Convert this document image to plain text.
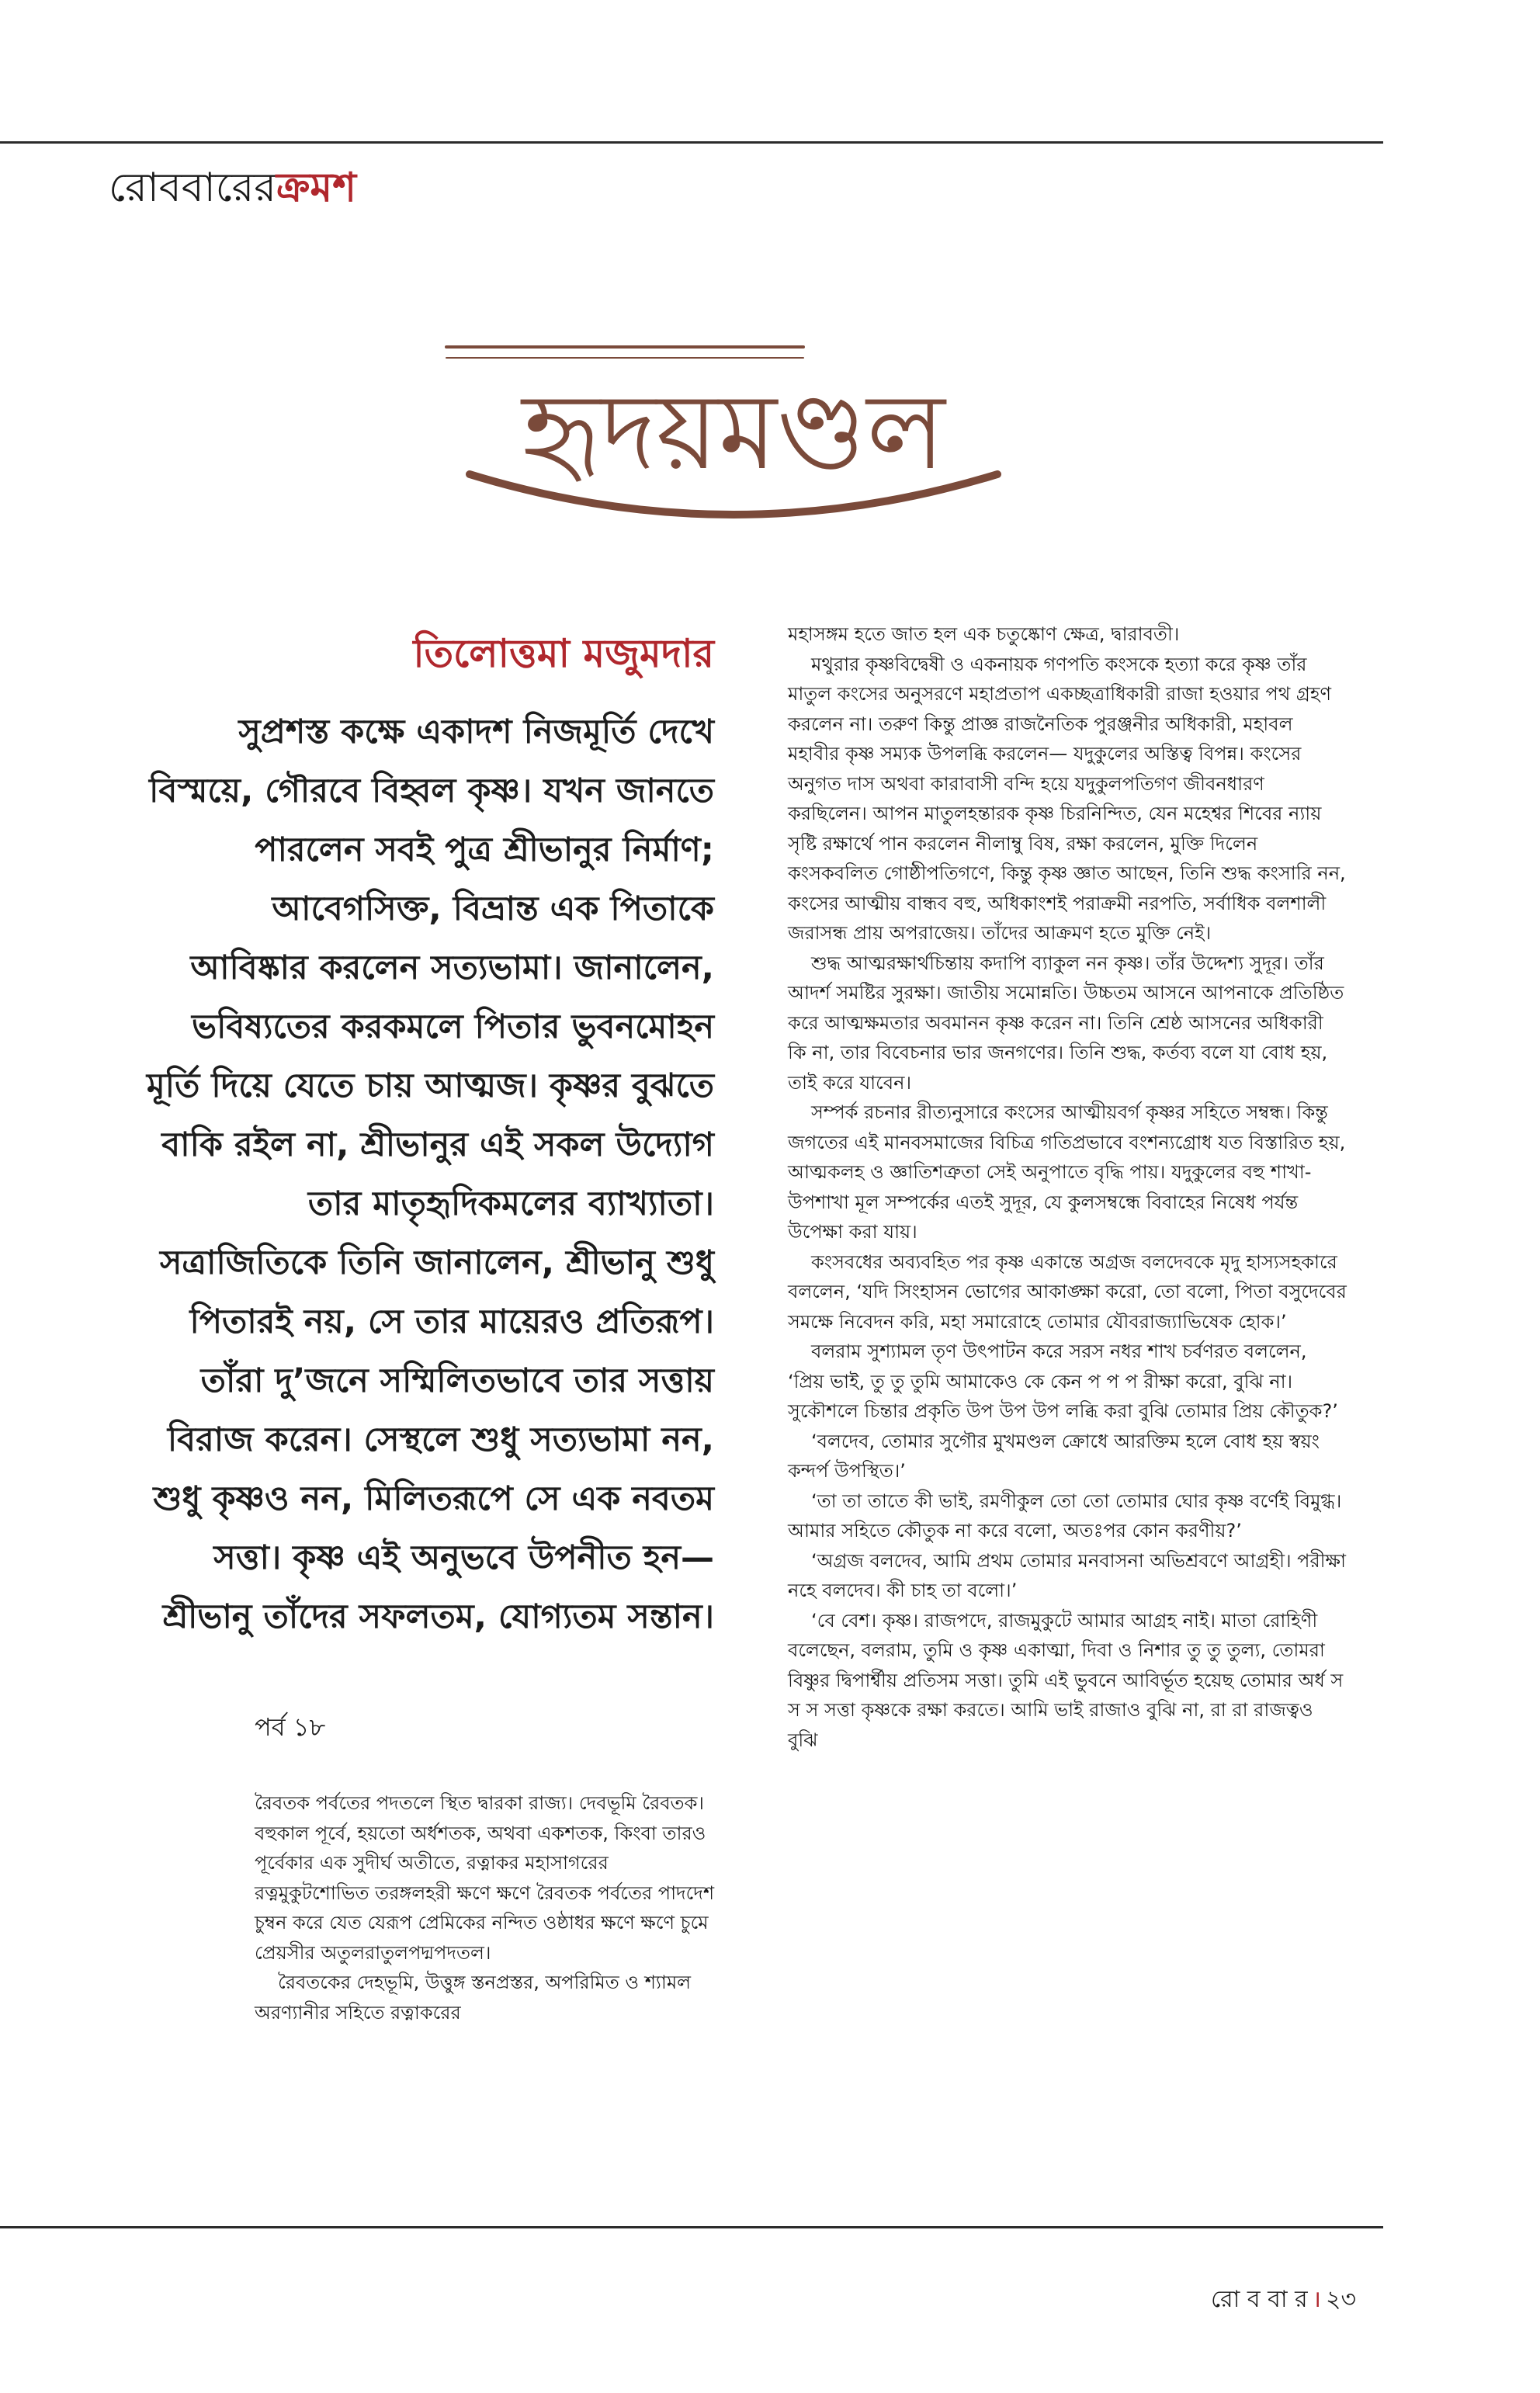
রোববারেরক্রমশ
হৃদয়মণ্ডল
তিলোত্তমা মজুমদার
সুপ্রশস্ত কক্ষে একাদশ নিজমূর্তি দেখে বিস্ময়ে, গৌরবে বিহ্বল কৃষ্ণ। যখন জানতে পারলেন সবই পুত্র শ্রীভানুর নির্মাণ; আবেগসিক্ত, বিভ্রান্ত এক পিতাকে আবিষ্কার করলেন সত্যভামা। জানালেন, ভবিষ্যতের করকমলে পিতার ভুবনমোহন মূর্তি দিয়ে যেতে চায় আত্মজ। কৃষ্ণর বুঝতে বাকি রইল না, শ্রীভানুর এই সকল উদ্যোগ তার মাতৃহৃদিকমলের ব্যাখ্যাতা। সত্রাজিতিকে তিনি জানালেন, শ্রীভানু শুধু পিতারই নয়, সে তার মায়েরও প্রতিরূপ। তাঁরা দু’জনে সম্মিলিতভাবে তার সত্তায় বিরাজ করেন। সেস্থলে শুধু সত্যভামা নন, শুধু কৃষ্ণও নন, মিলিতরূপে সে এক নবতম সত্তা। কৃষ্ণ এই অনুভবে উপনীত হন— শ্রীভানু তাঁদের সফলতম, যোগ্যতম সন্তান।
পর্ব ১৮

রৈবতক পর্বতের পদতলে স্থিত দ্বারকা রাজ্য। দেবভূমি রৈবতক। বহুকাল পূর্বে, হয়তো অর্ধশতক, অথবা একশতক, কিংবা তারও পূর্বেকার এক সুদীর্ঘ অতীতে, রত্নাকর মহাসাগরের রত্নমুকুটশোভিত তরঙ্গলহরী ক্ষণে ক্ষণে রৈবতক পর্বতের পাদদেশ চুম্বন করে যেত যেরূপ প্রেমিকের নন্দিত ওষ্ঠাধর ক্ষণে ক্ষণে চুমে প্রেয়সীর অতুলরাতুলপদ্মপদতল।

রৈবতকের দেহভূমি, উত্তুঙ্গ স্তনপ্রস্তর, অপরিমিত ও শ্যামল অরণ্যানীর সহিতে রত্নাকরের

মহাসঙ্গম হতে জাত হল এক চতুষ্কোণ ক্ষেত্র, দ্বারাবতী।

মথুরার কৃষ্ণবিদ্বেষী ও একনায়ক গণপতি কংসকে হত্যা করে কৃষ্ণ তাঁর মাতুল কংসের অনুসরণে মহাপ্রতাপ একচ্ছত্রাধিকারী রাজা হওয়ার পথ গ্রহণ করলেন না। তরুণ কিন্তু প্রাজ্ঞ রাজনৈতিক পুরঞ্জনীর অধিকারী, মহাবল মহাবীর কৃষ্ণ সম্যক উপলব্ধি করলেন— যদুকুলের অস্তিত্ব বিপন্ন। কংসের অনুগত দাস অথবা কারাবাসী বন্দি হয়ে যদুকুলপতিগণ জীবনধারণ করছিলেন। আপন মাতুলহন্তারক কৃষ্ণ চিরনিন্দিত, যেন মহেশ্বর শিবের ন্যায় সৃষ্টি রক্ষার্থে পান করলেন নীলাম্বু বিষ, রক্ষা করলেন, মুক্তি দিলেন কংসকবলিত গোষ্ঠীপতিগণে, কিন্তু কৃষ্ণ জ্ঞাত আছেন, তিনি শুদ্ধ কংসারি নন, কংসের আত্মীয় বান্ধব বহু, অধিকাংশই পরাক্রমী নরপতি, সর্বাধিক বলশালী জরাসন্ধ প্রায় অপরাজেয়। তাঁদের আক্রমণ হতে মুক্তি নেই।

শুদ্ধ আত্মরক্ষার্থচিন্তায় কদাপি ব্যাকুল নন কৃষ্ণ। তাঁর উদ্দেশ্য সুদূর। তাঁর আদর্শ সমষ্টির সুরক্ষা। জাতীয় সমোন্নতি। উচ্চতম আসনে আপনাকে প্রতিষ্ঠিত করে আত্মক্ষমতার অবমানন কৃষ্ণ করেন না। তিনি শ্রেষ্ঠ আসনের অধিকারী কি না, তার বিবেচনার ভার জনগণের। তিনি শুদ্ধ, কর্তব্য বলে যা বোধ হয়, তাই করে যাবেন।

সম্পর্ক রচনার রীত্যনুসারে কংসের আত্মীয়বর্গ কৃষ্ণর সহিতে সম্বন্ধ। কিন্তু জগতের এই মানবসমাজের বিচিত্র গতিপ্রভাবে বংশন্যগ্রোধ যত বিস্তারিত হয়, আত্মকলহ ও জ্ঞাতিশত্রুতা সেই অনুপাতে বৃদ্ধি পায়। যদুকুলের বহু শাখা-উপশাখা মূল সম্পর্কের এতই সুদূর, যে কুলসম্বন্ধে বিবাহের নিষেধ পর্যন্ত উপেক্ষা করা যায়।

কংসবধের অব্যবহিত পর কৃষ্ণ একান্তে অগ্রজ বলদেবকে মৃদু হাস্যসহকারে বললেন, ‘যদি সিংহাসন ভোগের আকাঙ্ক্ষা করো, তো বলো, পিতা বসুদেবের সমক্ষে নিবেদন করি, মহা সমারোহে তোমার যৌবরাজ্যাভিষেক হোক।’

বলরাম সুশ্যামল তৃণ উৎপাটন করে সরস নধর শাখ চর্বণরত বললেন, ‘প্রিয় ভাই, তু তু তুমি আমাকেও কে কেন প প প রীক্ষা করো, বুঝি না। সুকৌশলে চিন্তার প্রকৃতি উপ উপ উপ লব্ধি করা বুঝি তোমার প্রিয় কৌতুক?’

‘বলদেব, তোমার সুগৌর মুখমণ্ডল ক্রোধে আরক্তিম হলে বোধ হয় স্বয়ং কন্দর্প উপস্থিত।’

‘তা তা তাতে কী ভাই, রমণীকুল তো তো তোমার ঘোর কৃষ্ণ বর্ণেই বিমুগ্ধ। আমার সহিতে কৌতুক না করে বলো, অতঃপর কোন করণীয়?’

‘অগ্রজ বলদেব, আমি প্রথম তোমার মনবাসনা অভিশ্রবণে আগ্রহী। পরীক্ষা নহে বলদেব। কী চাহ তা বলো।’

‘বে বেশ। কৃষ্ণ। রাজপদে, রাজমুকুটে আমার আগ্রহ নাই। মাতা রোহিণী বলেছেন, বলরাম, তুমি ও কৃষ্ণ একাত্মা, দিবা ও নিশার তু তু তুল্য, তোমরা বিষ্ণুর দ্বিপার্শ্বীয় প্রতিসম সত্তা। তুমি এই ভুবনে আবির্ভূত হয়েছ তোমার অর্ধ স স স সত্তা কৃষ্ণকে রক্ষা করতে। আমি ভাই রাজাও বুঝি না, রা রা রাজত্বও বুঝি

রো ব বা র । ২৩
